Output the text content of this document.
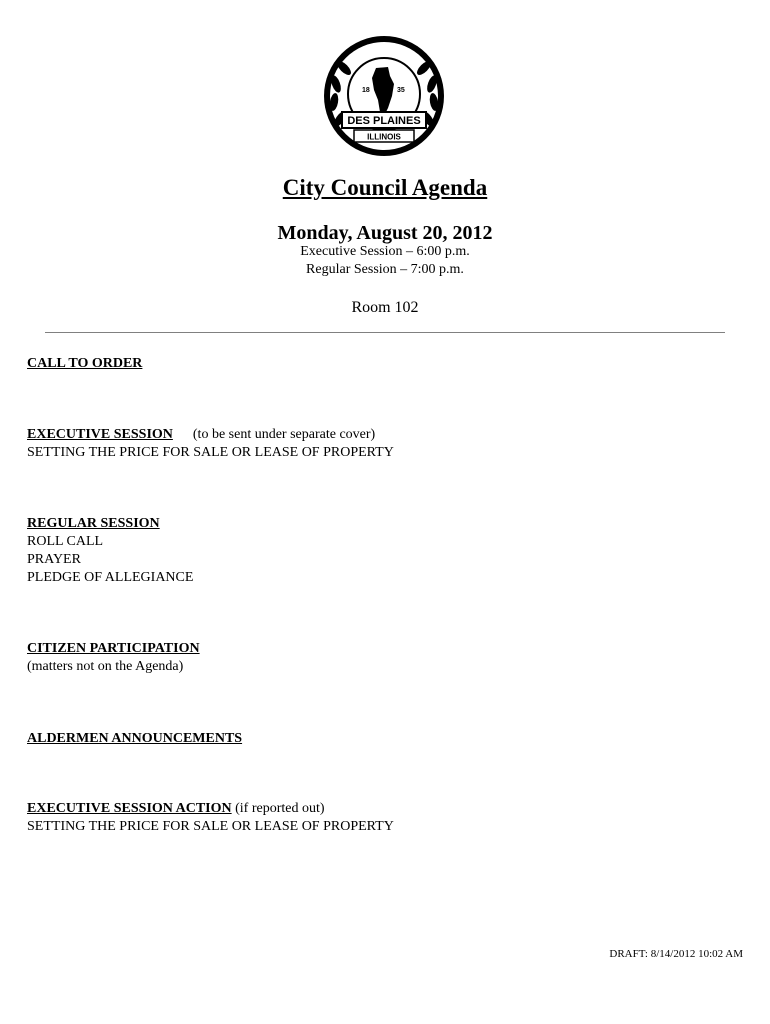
18	35
CITY OF
DES PLAINES
ILLINOIS
City Council Agenda
Monday, August 20, 2012
Executive Session – 6:00 p.m.
Regular Session – 7:00 p.m.
Room 102
CALL TO ORDER
EXECUTIVE SESSION (to be sent under separate cover)
SETTING THE PRICE FOR SALE OR LEASE OF PROPERTY
REGULAR SESSION
ROLL CALL
PRAYER
PLEDGE OF ALLEGIANCE
CITIZEN PARTICIPATION
(matters not on the Agenda)
ALDERMEN ANNOUNCEMENTS
EXECUTIVE SESSION ACTION (if reported out)
SETTING THE PRICE FOR SALE OR LEASE OF PROPERTY
DRAFT: 8/14/2012 10:02 AM
